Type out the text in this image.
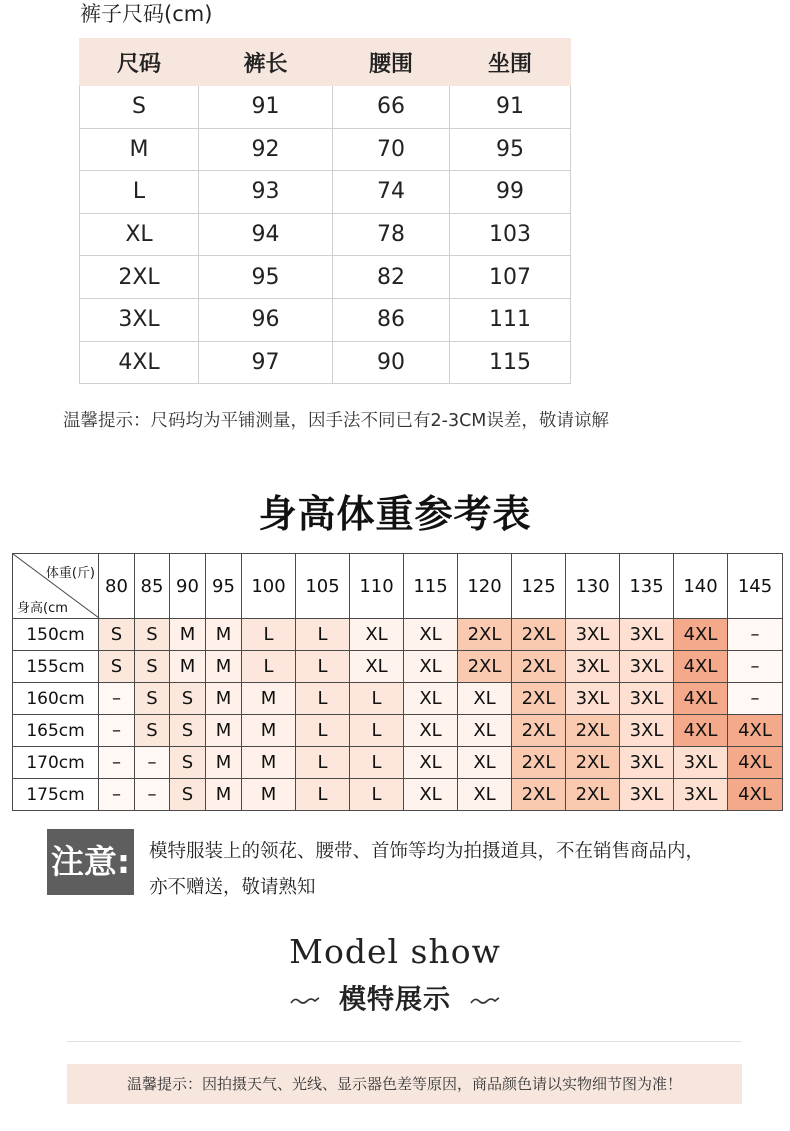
裤子尺码(cm)
尺码	裤长	腰围	坐围
S	91	66	91
M	92	70	95
L	93	74	99
XL	94	78	103
2XL	95	82	107
3XL	96	86	111
4XL	97	90	115
温馨提示：尺码均为平铺测量，因手法不同已有2-3CM误差，敬请谅解
身高体重参考表
体重(斤)
身高(cm	80	85	90	95	100	105	110	115	120	125	130	135	140	145
150cm	S	S	M	M	L	L	XL	XL	2XL	2XL	3XL	3XL	4XL	–
155cm	S	S	M	M	L	L	XL	XL	2XL	2XL	3XL	3XL	4XL	–
160cm	–	S	S	M	M	L	L	XL	XL	2XL	3XL	3XL	4XL	–
165cm	–	S	S	M	M	L	L	XL	XL	2XL	2XL	3XL	4XL	4XL
170cm	–	–	S	M	M	L	L	XL	XL	2XL	2XL	3XL	3XL	4XL
175cm	–	–	S	M	M	L	L	XL	XL	2XL	2XL	3XL	3XL	4XL
注意: 模特服装上的领花、腰带、首饰等均为拍摄道具，不在销售商品内，
亦不赠送，敬请熟知
Model show
模特展示
温馨提示：因拍摄天气、光线、显示器色差等原因，商品颜色请以实物细节图为准！
